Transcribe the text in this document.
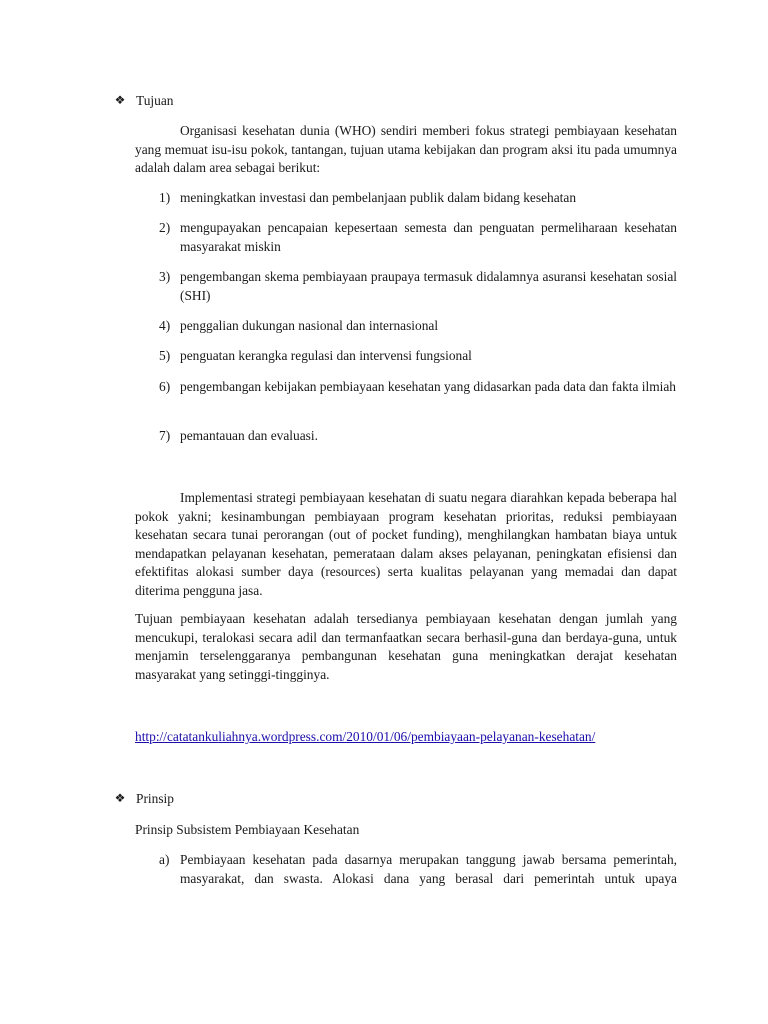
❖ Tujuan

Organisasi kesehatan dunia (WHO) sendiri memberi fokus strategi pembiayaan kesehatan yang memuat isu-isu pokok, tantangan, tujuan utama kebijakan dan program aksi itu pada umumnya adalah dalam area sebagai berikut:

1) meningkatkan investasi dan pembelanjaan publik dalam bidang kesehatan
2) mengupayakan pencapaian kepesertaan semesta dan penguatan permeliharaan kesehatan masyarakat miskin
3) pengembangan skema pembiayaan praupaya termasuk didalamnya asuransi kesehatan sosial (SHI)
4) penggalian dukungan nasional dan internasional
5) penguatan kerangka regulasi dan intervensi fungsional
6) pengembangan kebijakan pembiayaan kesehatan yang didasarkan pada data dan fakta ilmiah
7) pemantauan dan evaluasi.

Implementasi strategi pembiayaan kesehatan di suatu negara diarahkan kepada beberapa hal pokok yakni; kesinambungan pembiayaan program kesehatan prioritas, reduksi pembiayaan kesehatan secara tunai perorangan (out of pocket funding), menghilangkan hambatan biaya untuk mendapatkan pelayanan kesehatan, pemerataan dalam akses pelayanan, peningkatan efisiensi dan efektifitas alokasi sumber daya (resources) serta kualitas pelayanan yang memadai dan dapat diterima pengguna jasa.

Tujuan pembiayaan kesehatan adalah tersedianya pembiayaan kesehatan dengan jumlah yang mencukupi, teralokasi secara adil dan termanfaatkan secara berhasil-guna dan berdaya-guna, untuk menjamin terselenggaranya pembangunan kesehatan guna meningkatkan derajat kesehatan masyarakat yang setinggi-tingginya.

http://catatankuliahnya.wordpress.com/2010/01/06/pembiayaan-pelayanan-kesehatan/
❖ Prinsip
Prinsip Subsistem Pembiayaan Kesehatan
a) Pembiayaan kesehatan pada dasarnya merupakan tanggung jawab bersama pemerintah, masyarakat, dan swasta. Alokasi dana yang berasal dari pemerintah untuk upaya
